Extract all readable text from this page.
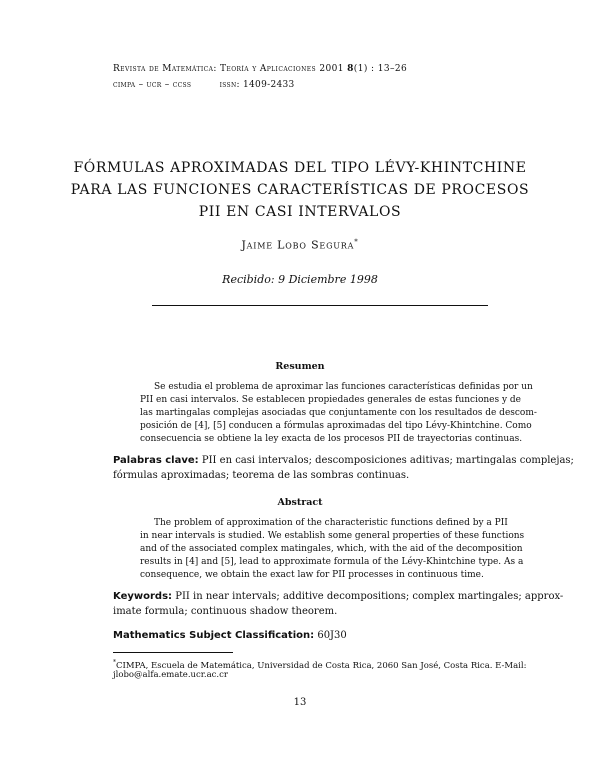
Revista de Matemática: Teoría y Aplicaciones 2001 8(1) : 13–26
cimpa – ucr – ccss	issn: 1409-2433
FÓRMULAS APROXIMADAS DEL TIPO LÉVY-KHINTCHINE
PARA LAS FUNCIONES CARACTERÍSTICAS DE PROCESOS
PII EN CASI INTERVALOS
Jaime Lobo Segura*
Recibido: 9 Diciembre 1998
Resumen
Se estudia el problema de aproximar las funciones características definidas por un
PII en casi intervalos. Se establecen propiedades generales de estas funciones y de
las martingalas complejas asociadas que conjuntamente con los resultados de descom-
posición de [4], [5] conducen a fórmulas aproximadas del tipo Lévy-Khintchine. Como
consecuencia se obtiene la ley exacta de los procesos PII de trayectorias continuas.
Palabras clave: PII en casi intervalos; descomposiciones aditivas; martingalas complejas;
fórmulas aproximadas; teorema de las sombras continuas.
Abstract
The problem of approximation of the characteristic functions defined by a PII
in near intervals is studied. We establish some general properties of these functions
and of the associated complex matingales, which, with the aid of the decomposition
results in [4] and [5], lead to approximate formula of the Lévy-Khintchine type. As a
consequence, we obtain the exact law for PII processes in continuous time.
Keywords: PII in near intervals; additive decompositions; complex martingales; approx-
imate formula; continuous shadow theorem.
Mathematics Subject Classification: 60J30
*CIMPA, Escuela de Matemática, Universidad de Costa Rica, 2060 San José, Costa Rica. E-Mail:
jlobo@alfa.emate.ucr.ac.cr
13
